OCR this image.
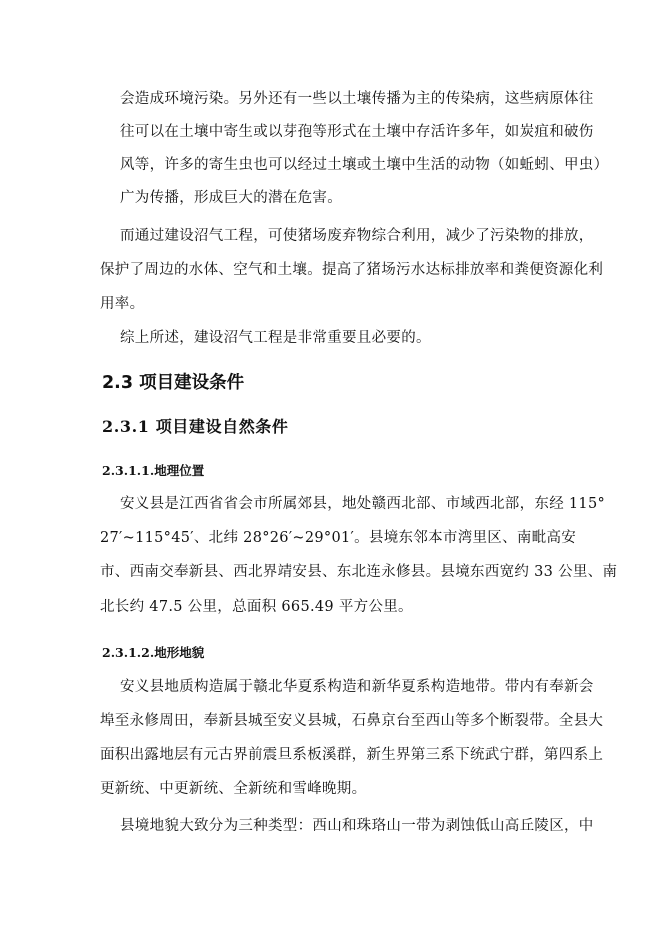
会造成环境污染。另外还有一些以土壤传播为主的传染病，这些病原体往
往可以在土壤中寄生或以芽孢等形式在土壤中存活许多年，如炭疽和破伤
风等，许多的寄生虫也可以经过土壤或土壤中生活的动物（如蚯蚓、甲虫）
广为传播，形成巨大的潜在危害。
而通过建设沼气工程，可使猪场废弃物综合利用，减少了污染物的排放，
保护了周边的水体、空气和土壤。提高了猪场污水达标排放率和粪便资源化利
用率。
综上所述，建设沼气工程是非常重要且必要的。
2.3 项目建设条件
2.3.1 项目建设自然条件
2.3.1.1.地理位置
安义县是江西省省会市所属郊县，地处赣西北部、市域西北部，东经 115°
27′~115°45′、北纬 28°26′~29°01′。县境东邻本市湾里区、南毗高安
市、西南交奉新县、西北界靖安县、东北连永修县。县境东西宽约 33 公里、南
北长约 47.5 公里，总面积 665.49 平方公里。
2.3.1.2.地形地貌
安义县地质构造属于赣北华夏系构造和新华夏系构造地带。带内有奉新会
埠至永修周田，奉新县城至安义县城，石鼻京台至西山等多个断裂带。全县大
面积出露地层有元古界前震旦系板溪群，新生界第三系下统武宁群，第四系上
更新统、中更新统、全新统和雪峰晚期。
县境地貌大致分为三种类型：西山和珠珞山一带为剥蚀低山高丘陵区，中
